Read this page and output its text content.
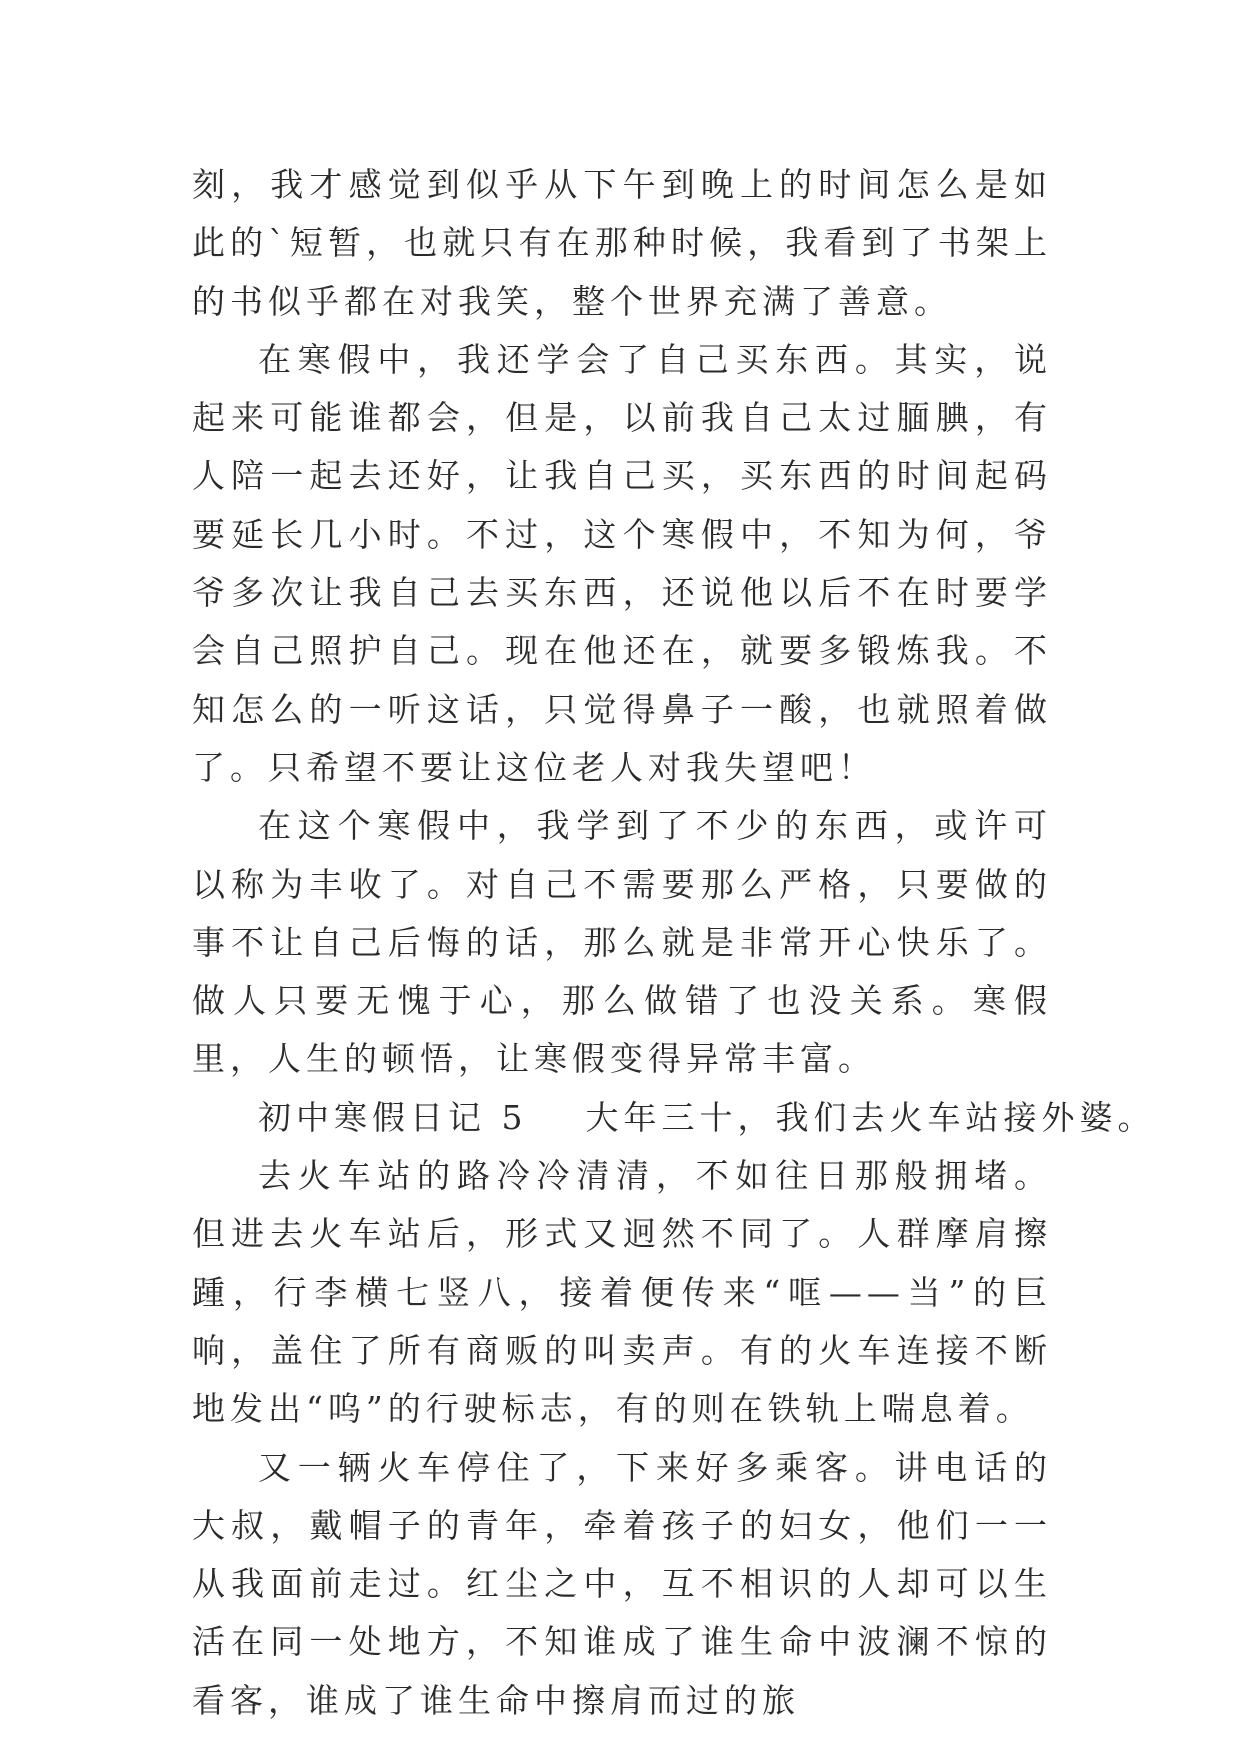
刻，我才感觉到似乎从下午到晚上的时间怎么是如此的`短暂，也就只有在那种时候，我看到了书架上的书似乎都在对我笑，整个世界充满了善意。

在寒假中，我还学会了自己买东西。其实，说起来可能谁都会，但是，以前我自己太过腼腆，有人陪一起去还好，让我自己买，买东西的时间起码要延长几小时。不过，这个寒假中，不知为何，爷爷多次让我自己去买东西，还说他以后不在时要学会自己照护自己。现在他还在，就要多锻炼我。不知怎么的一听这话，只觉得鼻子一酸，也就照着做了。只希望不要让这位老人对我失望吧！

在这个寒假中，我学到了不少的东西，或许可以称为丰收了。对自己不需要那么严格，只要做的事不让自己后悔的话，那么就是非常开心快乐了。做人只要无愧于心，那么做错了也没关系。寒假里，人生的顿悟，让寒假变得异常丰富。

初中寒假日记 5 大年三十，我们去火车站接外婆。

去火车站的路冷冷清清，不如往日那般拥堵。但进去火车站后，形式又迥然不同了。人群摩肩擦踵，行李横七竖八，接着便传来“哐——当”的巨响，盖住了所有商贩的叫卖声。有的火车连接不断地发出“呜”的行驶标志，有的则在铁轨上喘息着。

又一辆火车停住了，下来好多乘客。讲电话的大叔，戴帽子的青年，牵着孩子的妇女，他们一一从我面前走过。红尘之中，互不相识的人却可以生活在同一处地方，不知谁成了谁生命中波澜不惊的看客，谁成了谁生命中擦肩而过的旅
